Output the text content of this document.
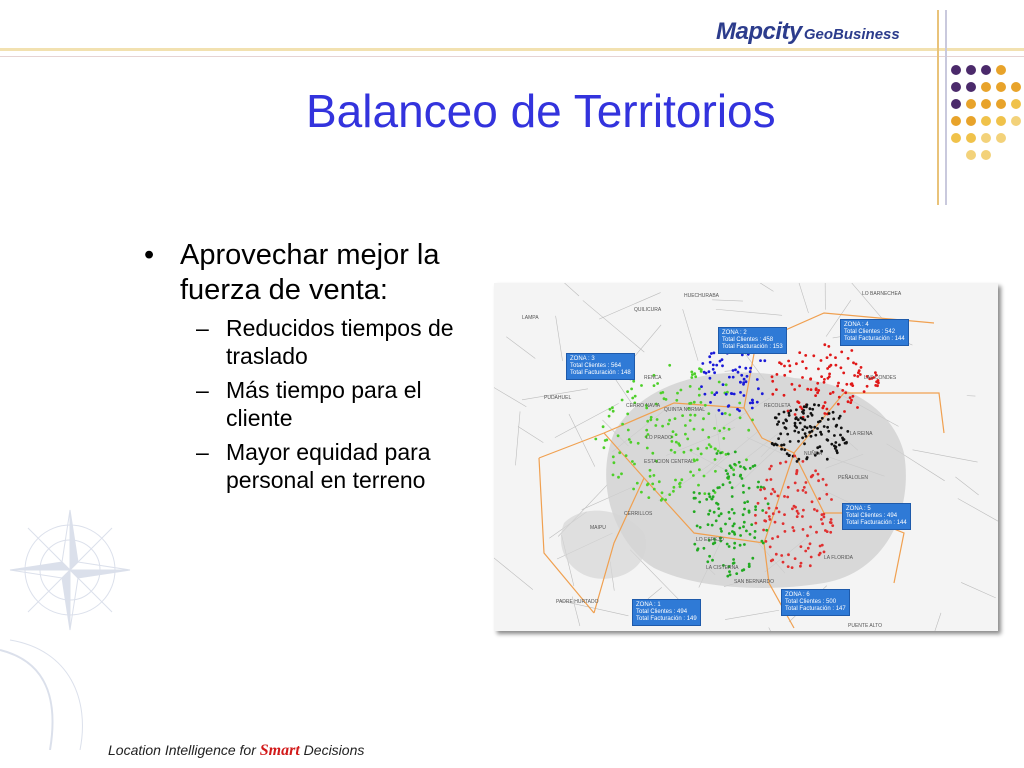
Mapcity GeoBusiness
Balanceo de Territorios
• Aprovechar mejor la fuerza de venta:
– Reducidos tiempos de traslado
– Más tiempo para el cliente
– Mayor equidad para personal en terreno
HUECHURABA
LAMPA
QUILICURA
RENCA
PUDAHUEL
CERRO NAVIA
LO PRADO
ESTACION CENTRAL
CERRILLOS
MAIPU
LO ESPEJO
LA CISTERNA
SAN BERNARDO
PADRE HURTADO
LO BARNECHEA
LAS CONDES
LA REINA
PEÑALOLEN
LA FLORIDA
PUENTE ALTO
QUINTA NORMAL
RECOLETA
NUÑOA
ZONA : 3
Total Clientes : 564
Total Facturación : 148
ZONA : 2
Total Clientes : 458
Total Facturación : 153
ZONA : 4
Total Clientes : 542
Total Facturación : 144
ZONA : 5
Total Clientes : 494
Total Facturación : 144
ZONA : 6
Total Clientes : 500
Total Facturación : 147
ZONA : 1
Total Clientes : 494
Total Facturación : 149
Location Intelligence for Smart Decisions
